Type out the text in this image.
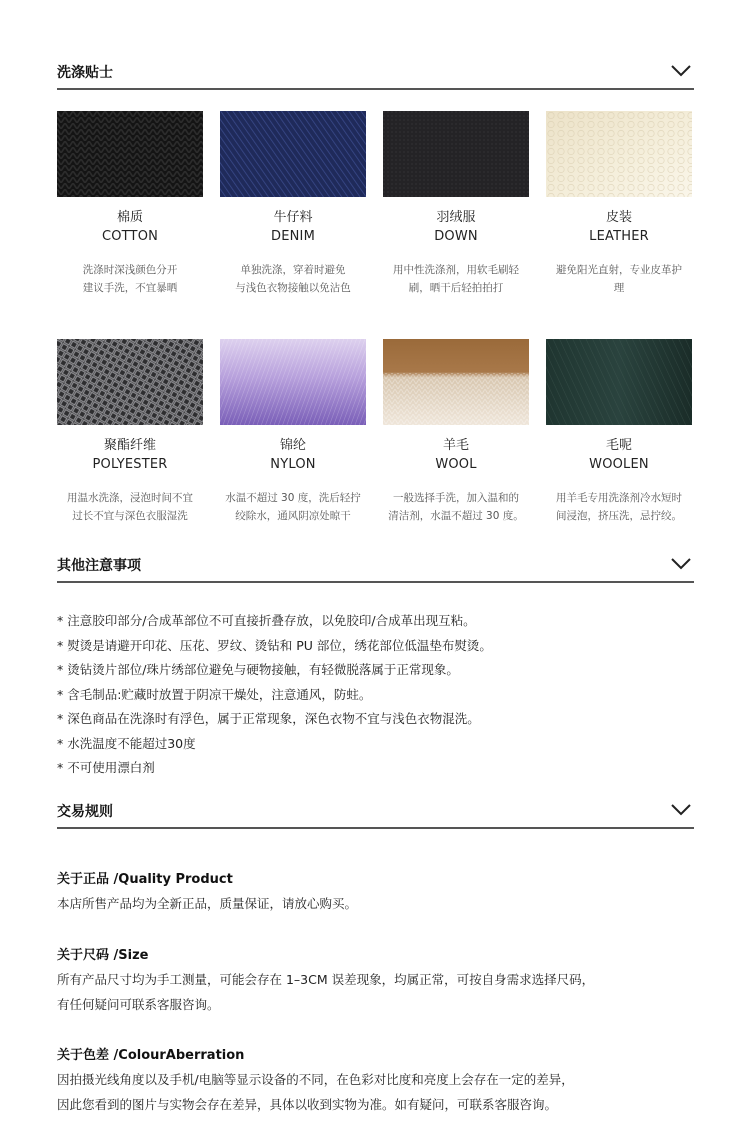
洗涤贴士
棉质
COTTON
洗涤时深浅颜色分开
建议手洗，不宜暴晒
牛仔料
DENIM
单独洗涤，穿着时避免
与浅色衣物接触以免沾色
羽绒服
DOWN
用中性洗涤剂，用软毛刷轻
刷，晒干后轻拍拍打
皮装
LEATHER
避免阳光直射，专业皮革护
理
聚酯纤维
POLYESTER
用温水洗涤，浸泡时间不宜
过长不宜与深色衣服湿洗
锦纶
NYLON
水温不超过 30 度，洗后轻拧
绞除水，通风阴凉处晾干
羊毛
WOOL
一般选择手洗，加入温和的
清洁剂，水温不超过 30 度。
毛呢
WOOLEN
用羊毛专用洗涤剂冷水短时
间浸泡，挤压洗，忌拧绞。
其他注意事项
* 注意胶印部分/合成革部位不可直接折叠存放，以免胶印/合成革出现互粘。
* 熨烫是请避开印花、压花、罗纹、烫钻和 PU 部位，绣花部位低温垫布熨烫。
* 烫钻烫片部位/珠片绣部位避免与硬物接触，有轻微脱落属于正常现象。
* 含毛制品:贮藏时放置于阴凉干燥处，注意通风，防蛀。
* 深色商品在洗涤时有浮色，属于正常现象，深色衣物不宜与浅色衣物混洗。
* 水洗温度不能超过30度
* 不可使用漂白剂
交易规则
关于正品 /Quality Product
本店所售产品均为全新正品，质量保证，请放心购买。
关于尺码 /Size
所有产品尺寸均为手工测量，可能会存在 1–3CM 误差现象，均属正常，可按自身需求选择尺码，
有任何疑问可联系客服咨询。
关于色差 /ColourAberration
因拍摄光线角度以及手机/电脑等显示设备的不同，在色彩对比度和亮度上会存在一定的差异，
因此您看到的图片与实物会存在差异，具体以收到实物为准。如有疑问，可联系客服咨询。
